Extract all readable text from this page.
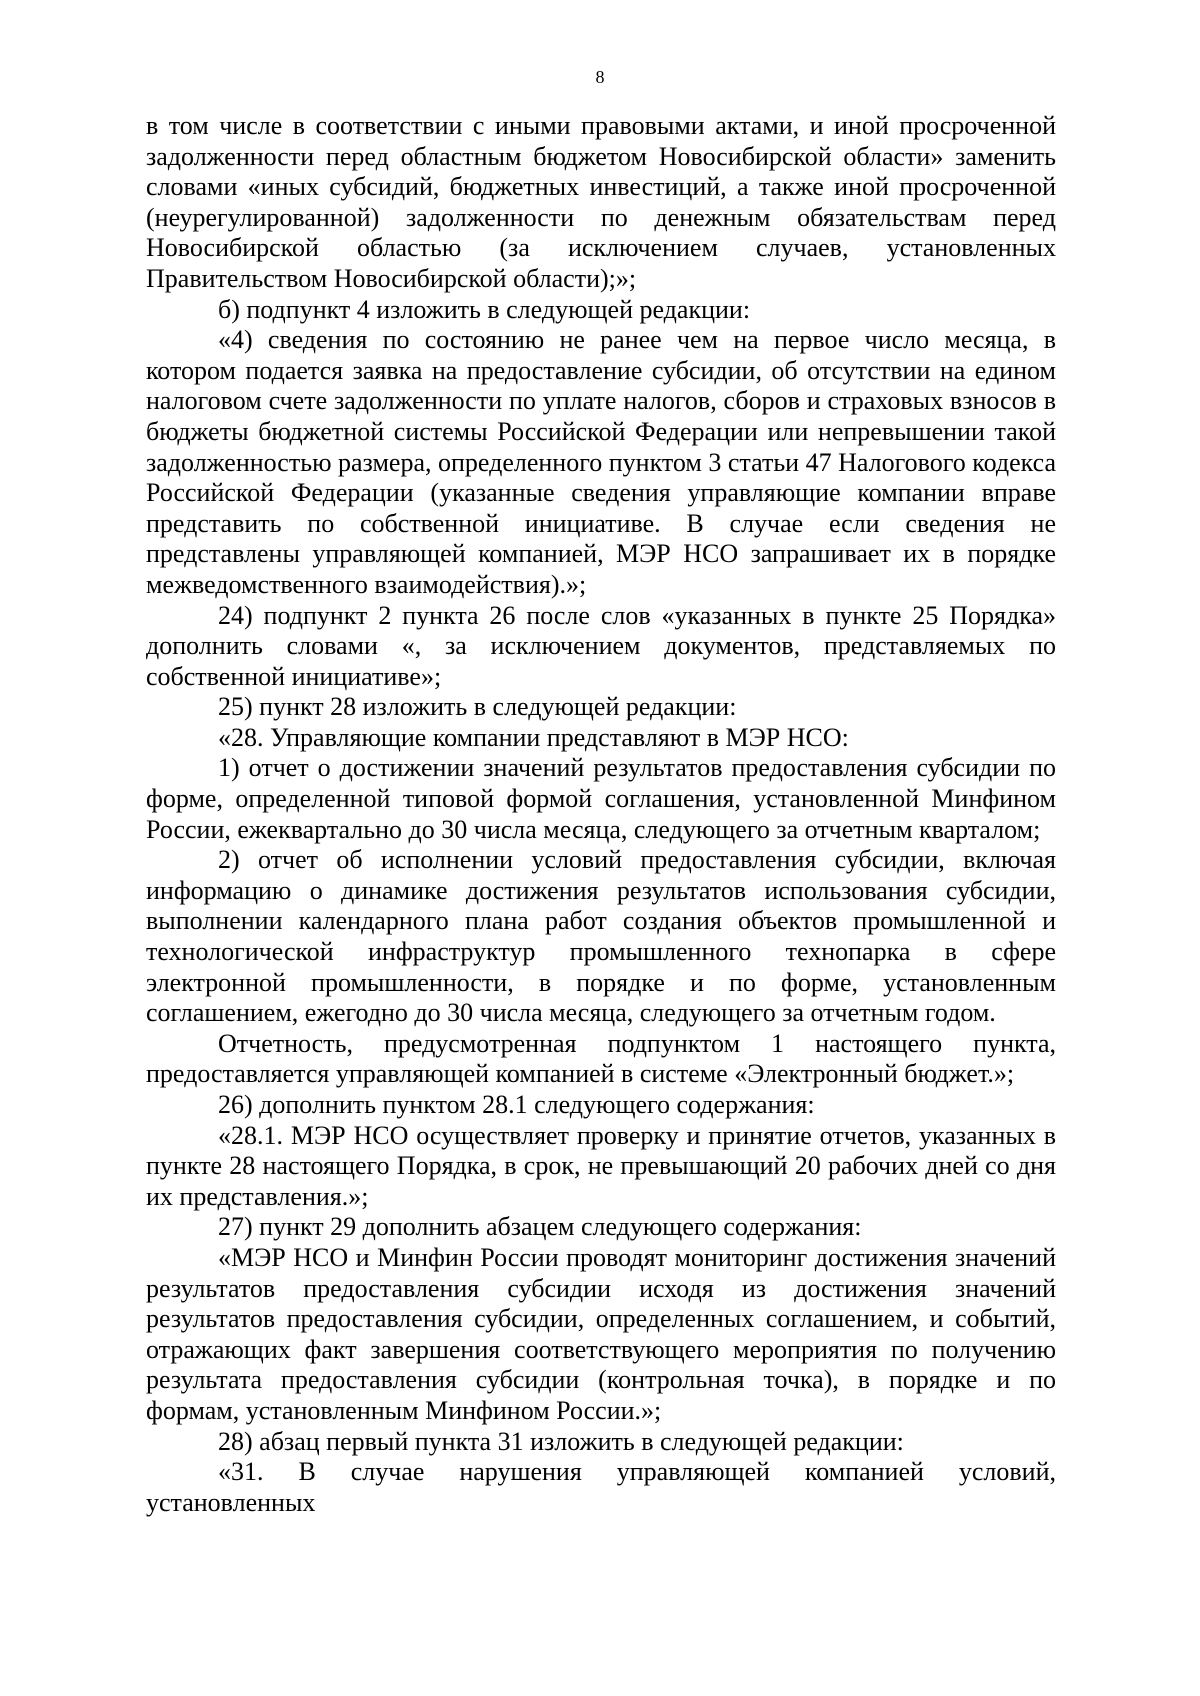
8

в том числе в соответствии с иными правовыми актами, и иной просроченной задолженности перед областным бюджетом Новосибирской области» заменить словами «иных субсидий, бюджетных инвестиций, а также иной просроченной (неурегулированной) задолженности по денежным обязательствам перед Новосибирской областью (за исключением случаев, установленных Правительством Новосибирской области);»;

б) подпункт 4 изложить в следующей редакции:

«4) сведения по состоянию не ранее чем на первое число месяца, в котором подается заявка на предоставление субсидии, об отсутствии на едином налоговом счете задолженности по уплате налогов, сборов и страховых взносов в бюджеты бюджетной системы Российской Федерации или непревышении такой задолженностью размера, определенного пунктом 3 статьи 47 Налогового кодекса Российской Федерации (указанные сведения управляющие компании вправе представить по собственной инициативе. В случае если сведения не представлены управляющей компанией, МЭР НСО запрашивает их в порядке межведомственного взаимодействия).»;

24) подпункт 2 пункта 26 после слов «указанных в пункте 25 Порядка» дополнить словами «, за исключением документов, представляемых по собственной инициативе»;

25) пункт 28 изложить в следующей редакции:

«28. Управляющие компании представляют в МЭР НСО:

1) отчет о достижении значений результатов предоставления субсидии по форме, определенной типовой формой соглашения, установленной Минфином России, ежеквартально до 30 числа месяца, следующего за отчетным кварталом;

2) отчет об исполнении условий предоставления субсидии, включая информацию о динамике достижения результатов использования субсидии, выполнении календарного плана работ создания объектов промышленной и технологической инфраструктур промышленного технопарка в сфере электронной промышленности, в порядке и по форме, установленным соглашением, ежегодно до 30 числа месяца, следующего за отчетным годом.

Отчетность, предусмотренная подпунктом 1 настоящего пункта, предоставляется управляющей компанией в системе «Электронный бюджет.»;

26) дополнить пунктом 28.1 следующего содержания:

«28.1. МЭР НСО осуществляет проверку и принятие отчетов, указанных в пункте 28 настоящего Порядка, в срок, не превышающий 20 рабочих дней со дня их представления.»;

27) пункт 29 дополнить абзацем следующего содержания:

«МЭР НСО и Минфин России проводят мониторинг достижения значений результатов предоставления субсидии исходя из достижения значений результатов предоставления субсидии, определенных соглашением, и событий, отражающих факт завершения соответствующего мероприятия по получению результата предоставления субсидии (контрольная точка), в порядке и по формам, установленным Минфином России.»;

28) абзац первый пункта 31 изложить в следующей редакции:

«31. В случае нарушения управляющей компанией условий, установленных
